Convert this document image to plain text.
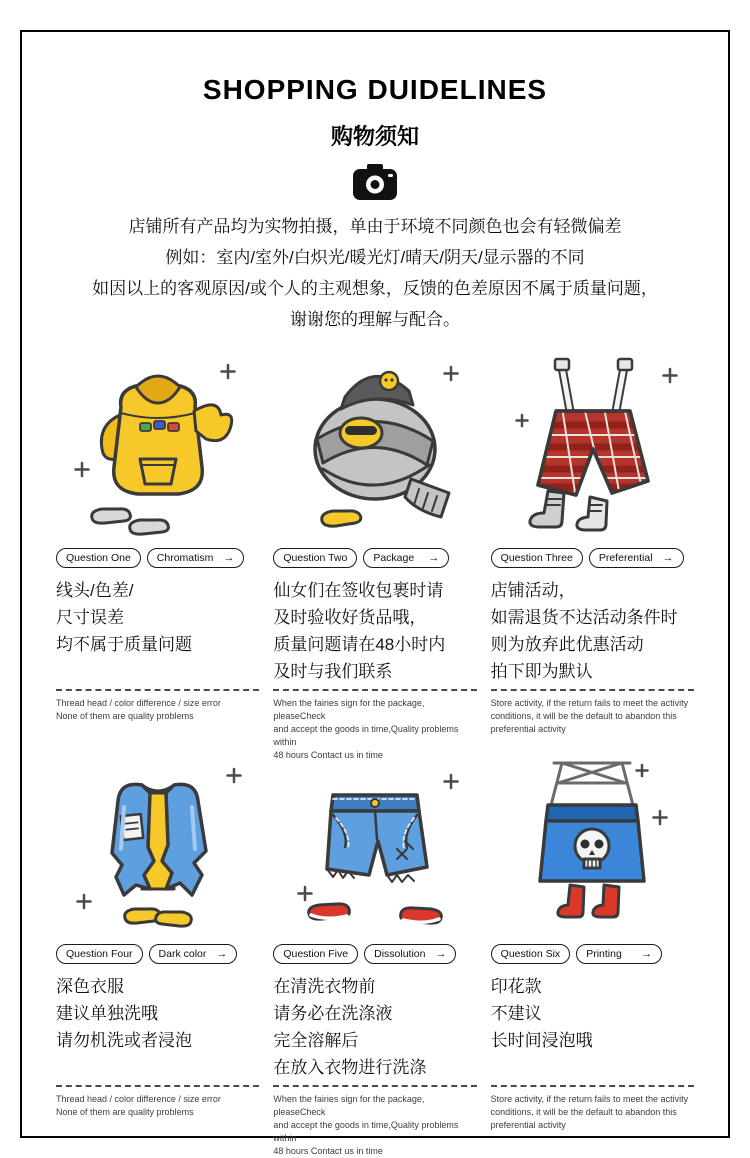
SHOPPING DUIDELINES
购物须知
店铺所有产品均为实物拍摄，单由于环境不同颜色也会有轻微偏差
例如：室内/室外/白炽光/暖光灯/晴天/阴天/显示器的不同
如因以上的客观原因/或个人的主观想象，反馈的色差原因不属于质量问题，
谢谢您的理解与配合。
Question One	Chromatism →
线头/色差/
尺寸误差
均不属于质量问题
Thread head / color difference / size error
None of them are quality problems
Question Two	Package →
仙女们在签收包裹时请
及时验收好货品哦，
质量问题请在48小时内
及时与我们联系
When the fairies sign for the package, pleaseCheck
and accept the goods in time,Quality problems within
48 hours Contact us in time
Question Three	Preferential →
店铺活动，
如需退货不达活动条件时
则为放弃此优惠活动
拍下即为默认
Store activity, if the return fails to meet the activity
conditions, it will be the default to abandon this
preferential activity
Question Four	Dark color →
深色衣服
建议单独洗哦
请勿机洗或者浸泡
Thread head / color difference / size error
None of them are quality problems
Question Five	Dissolution →
在清洗衣物前
请务必在洗涤液
完全溶解后
在放入衣物进行洗涤
When the fairies sign for the package, pleaseCheck
and accept the goods in time,Quality problems within
48 hours Contact us in time
Question Six	Printing →
印花款
不建议
长时间浸泡哦
Store activity, if the return fails to meet the activity
conditions, it will be the default to abandon this
preferential activity
